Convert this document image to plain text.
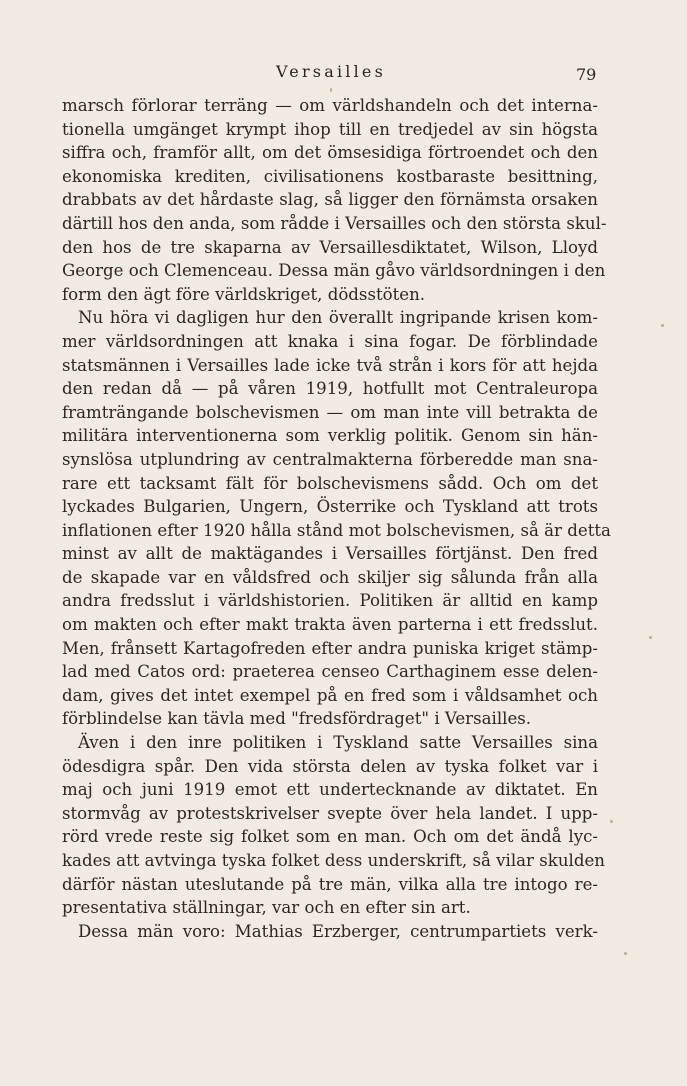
Versailles	79
marsch förlorar terräng — om världshandeln och det interna-
tionella umgänget krympt ihop till en tredjedel av sin högsta
siffra och, framför allt, om det ömsesidiga förtroendet och den
ekonomiska krediten, civilisationens kostbaraste besittning,
drabbats av det hårdaste slag, så ligger den förnämsta orsaken
därtill hos den anda, som rådde i Versailles och den största skul-
den hos de tre skaparna av Versaillesdiktatet, Wilson, Lloyd
George och Clemenceau. Dessa män gåvo världsordningen i den
form den ägt före världskriget, dödsstöten.
Nu höra vi dagligen hur den överallt ingripande krisen kom-
mer världsordningen att knaka i sina fogar. De förblindade
statsmännen i Versailles lade icke två strån i kors för att hejda
den redan då — på våren 1919, hotfullt mot Centraleuropa
framträngande bolschevismen — om man inte vill betrakta de
militära interventionerna som verklig politik. Genom sin hän-
synslösa utplundring av centralmakterna förberedde man sna-
rare ett tacksamt fält för bolschevismens sådd. Och om det
lyckades Bulgarien, Ungern, Österrike och Tyskland att trots
inflationen efter 1920 hålla stånd mot bolschevismen, så är detta
minst av allt de maktägandes i Versailles förtjänst. Den fred
de skapade var en våldsfred och skiljer sig sålunda från alla
andra fredsslut i världshistorien. Politiken är alltid en kamp
om makten och efter makt trakta även parterna i ett fredsslut.
Men, frånsett Kartagofreden efter andra puniska kriget stämp-
lad med Catos ord: praeterea censeo Carthaginem esse delen-
dam, gives det intet exempel på en fred som i våldsamhet och
förblindelse kan tävla med "fredsfördraget" i Versailles.
Även i den inre politiken i Tyskland satte Versailles sina
ödesdigra spår. Den vida största delen av tyska folket var i
maj och juni 1919 emot ett undertecknande av diktatet. En
stormvåg av protestskrivelser svepte över hela landet. I upp-
rörd vrede reste sig folket som en man. Och om det ändå lyc-
kades att avtvinga tyska folket dess underskrift, så vilar skulden
därför nästan uteslutande på tre män, vilka alla tre intogo re-
presentativa ställningar, var och en efter sin art.
Dessa män voro: Mathias Erzberger, centrumpartiets verk-
